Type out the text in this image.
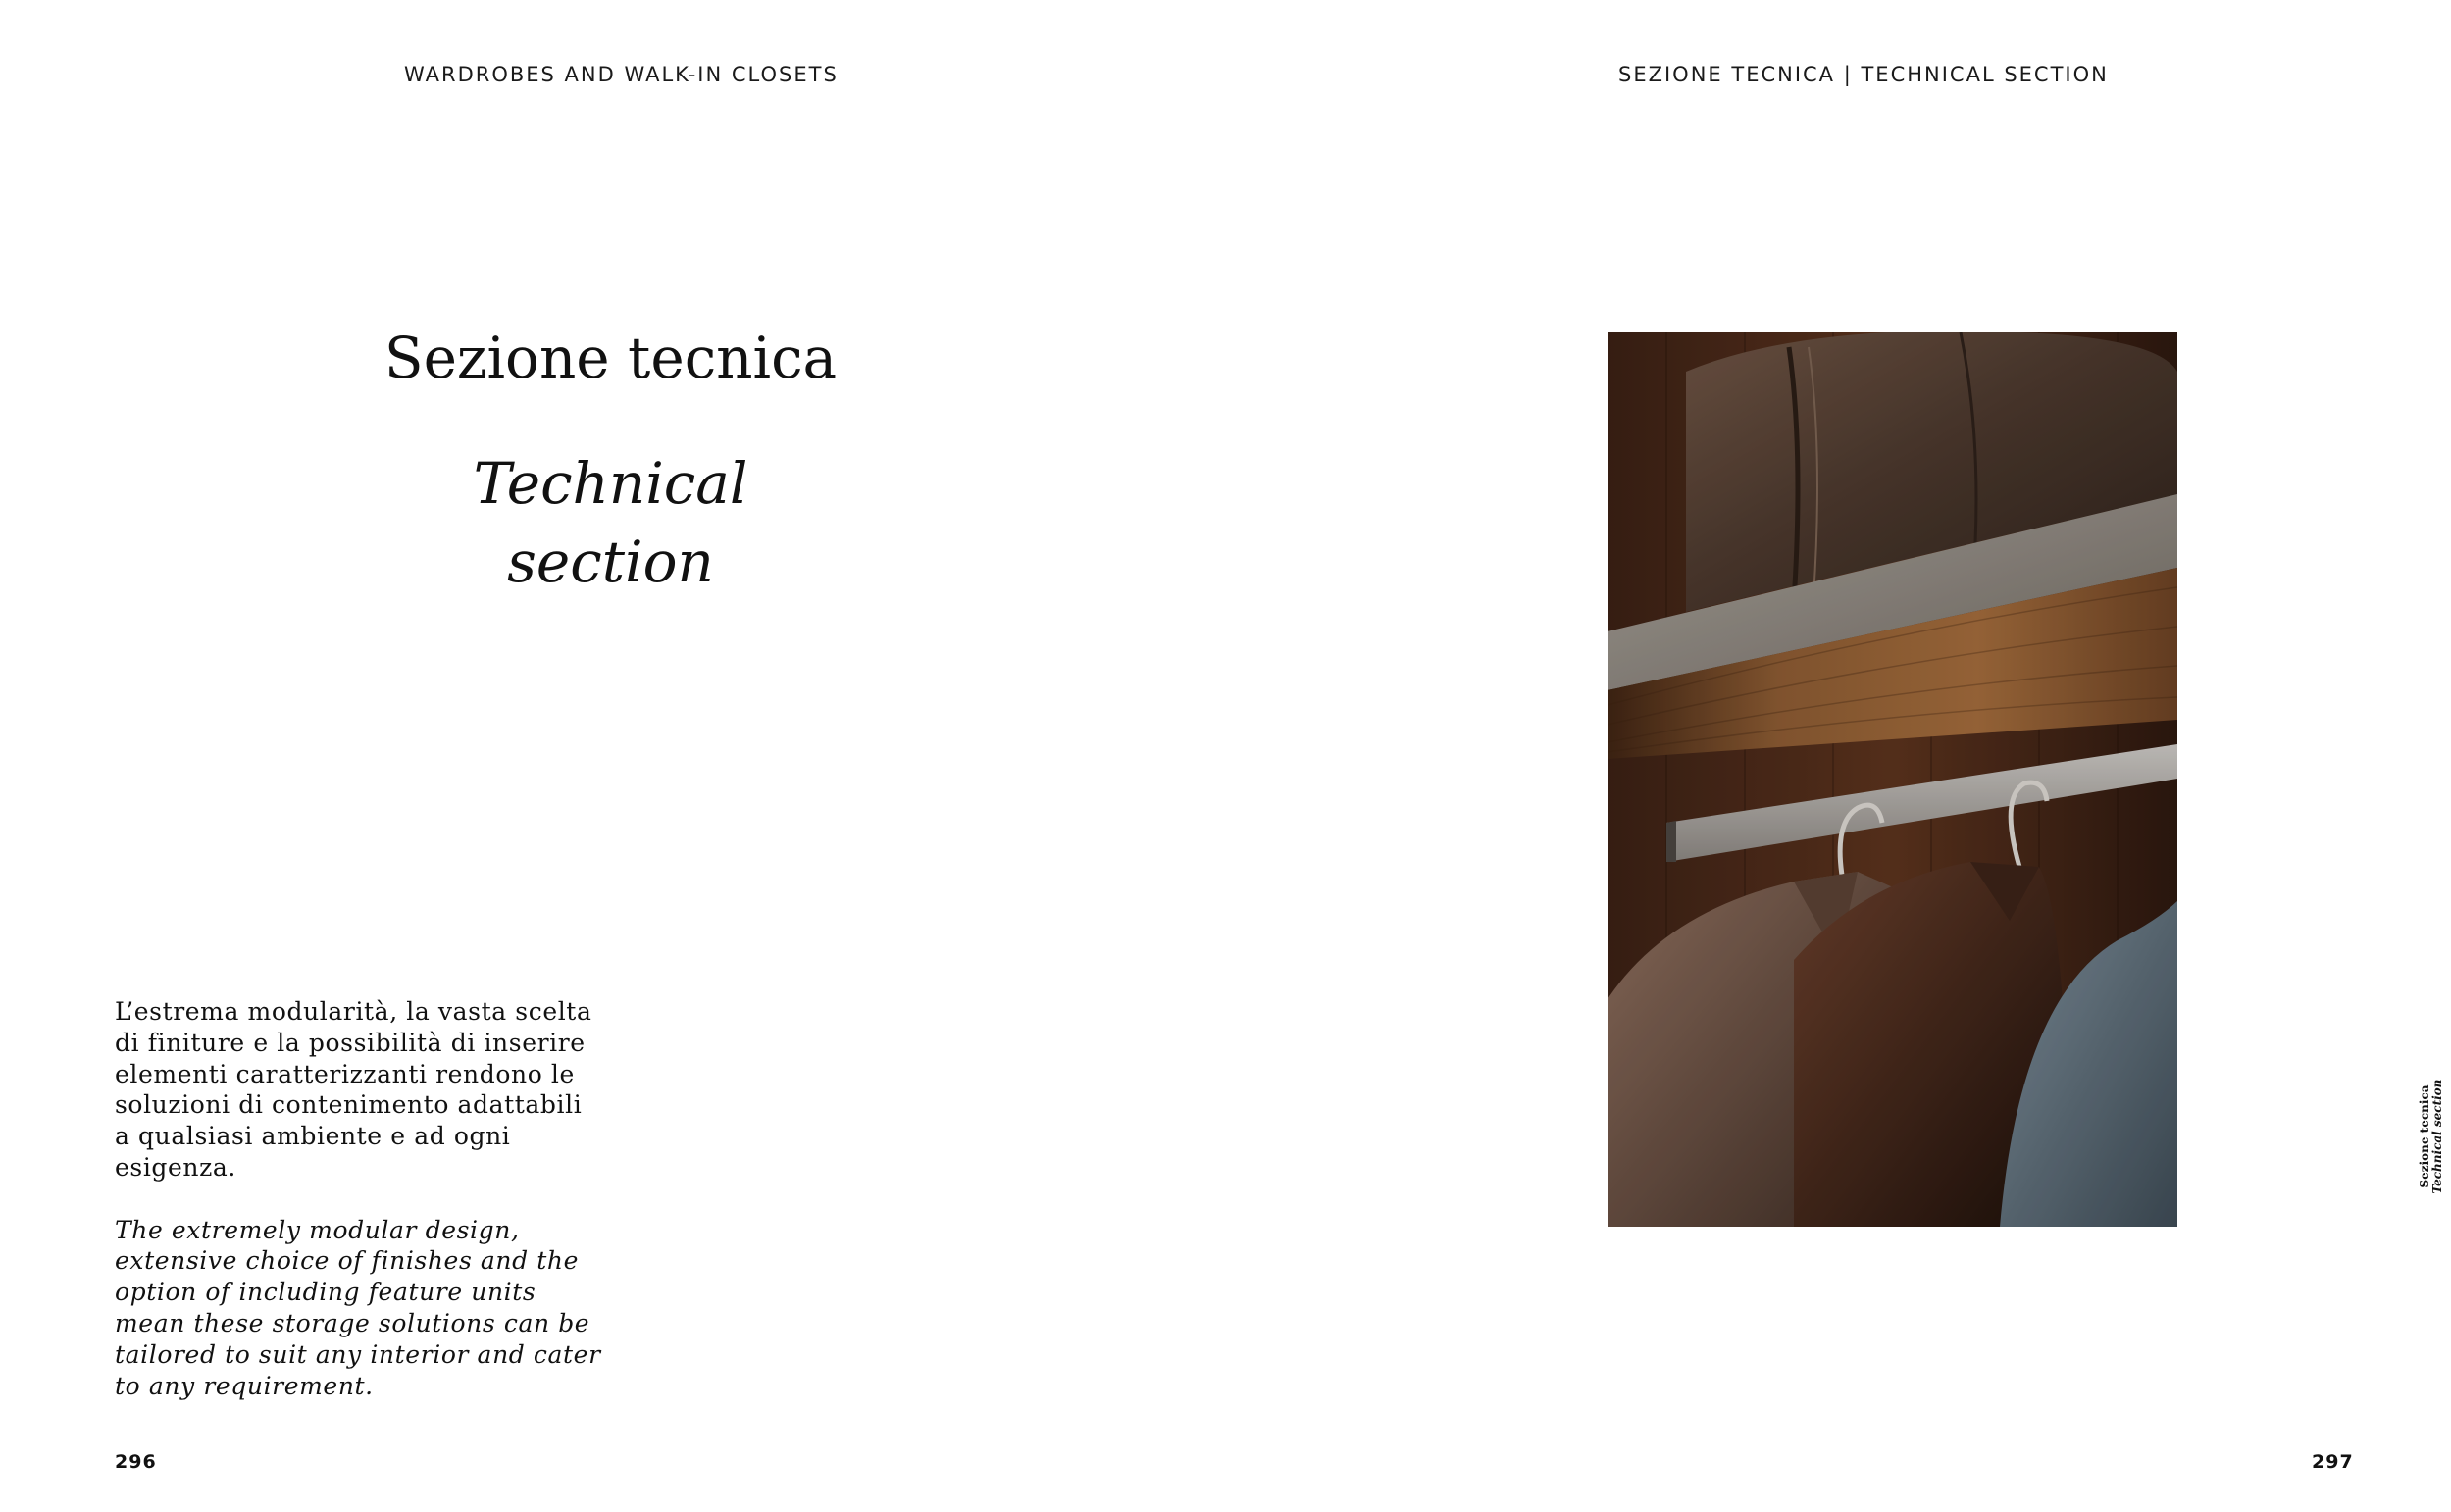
WARDROBES AND WALK-IN CLOSETS	SEZIONE TECNICA | TECHNICAL SECTION
Sezione tecnica
Technical section

L’estrema modularità, la vasta scelta di finiture e la possibilità di inserire elementi caratterizzanti rendono le soluzioni di contenimento adattabili a qualsiasi ambiente e ad ogni esigenza.

The extremely modular design, extensive choice of finishes and the option of including feature units mean these storage solutions can be tailored to suit any interior and cater to any requirement.

296	297
Sezione tecnica Technical section
